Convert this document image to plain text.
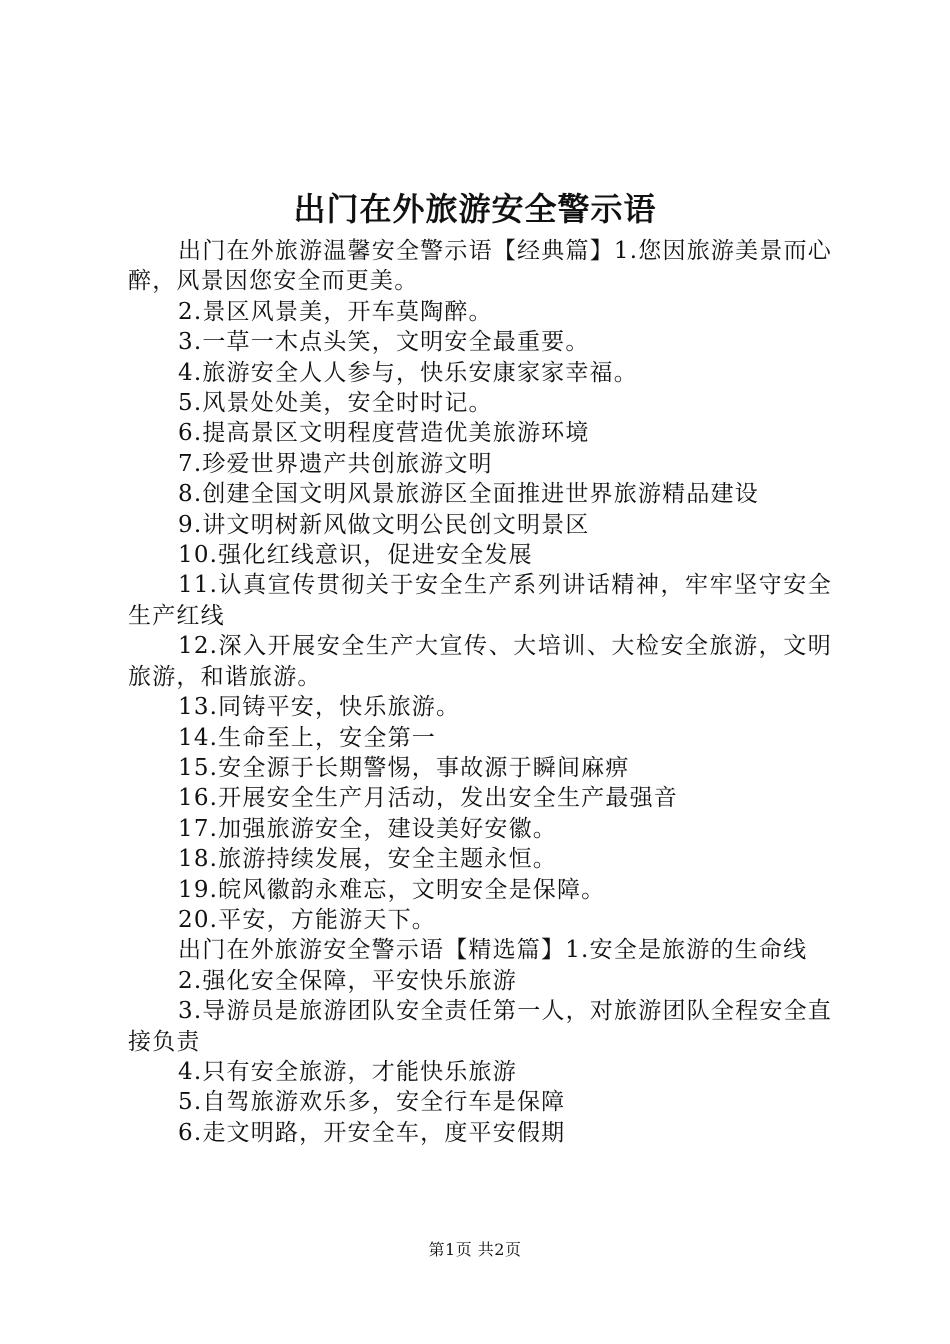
出门在外旅游安全警示语

出门在外旅游温馨安全警示语【经典篇】1.您因旅游美景而心醉，风景因您安全而更美。

2.景区风景美，开车莫陶醉。

3.一草一木点头笑，文明安全最重要。

4.旅游安全人人参与，快乐安康家家幸福。

5.风景处处美，安全时时记。

6.提高景区文明程度营造优美旅游环境

7.珍爱世界遗产共创旅游文明

8.创建全国文明风景旅游区全面推进世界旅游精品建设

9.讲文明树新风做文明公民创文明景区

10.强化红线意识，促进安全发展

11.认真宣传贯彻关于安全生产系列讲话精神，牢牢坚守安全生产红线

12.深入开展安全生产大宣传、大培训、大检安全旅游，文明旅游，和谐旅游。

13.同铸平安，快乐旅游。

14.生命至上，安全第一

15.安全源于长期警惕，事故源于瞬间麻痹

16.开展安全生产月活动，发出安全生产最强音

17.加强旅游安全，建设美好安徽。

18.旅游持续发展，安全主题永恒。

19.皖风徽韵永难忘，文明安全是保障。

20.平安，方能游天下。

出门在外旅游安全警示语【精选篇】1.安全是旅游的生命线

2.强化安全保障，平安快乐旅游

3.导游员是旅游团队安全责任第一人，对旅游团队全程安全直接负责

4.只有安全旅游，才能快乐旅游

5.自驾旅游欢乐多，安全行车是保障

6.走文明路，开安全车，度平安假期

第1页 共2页
